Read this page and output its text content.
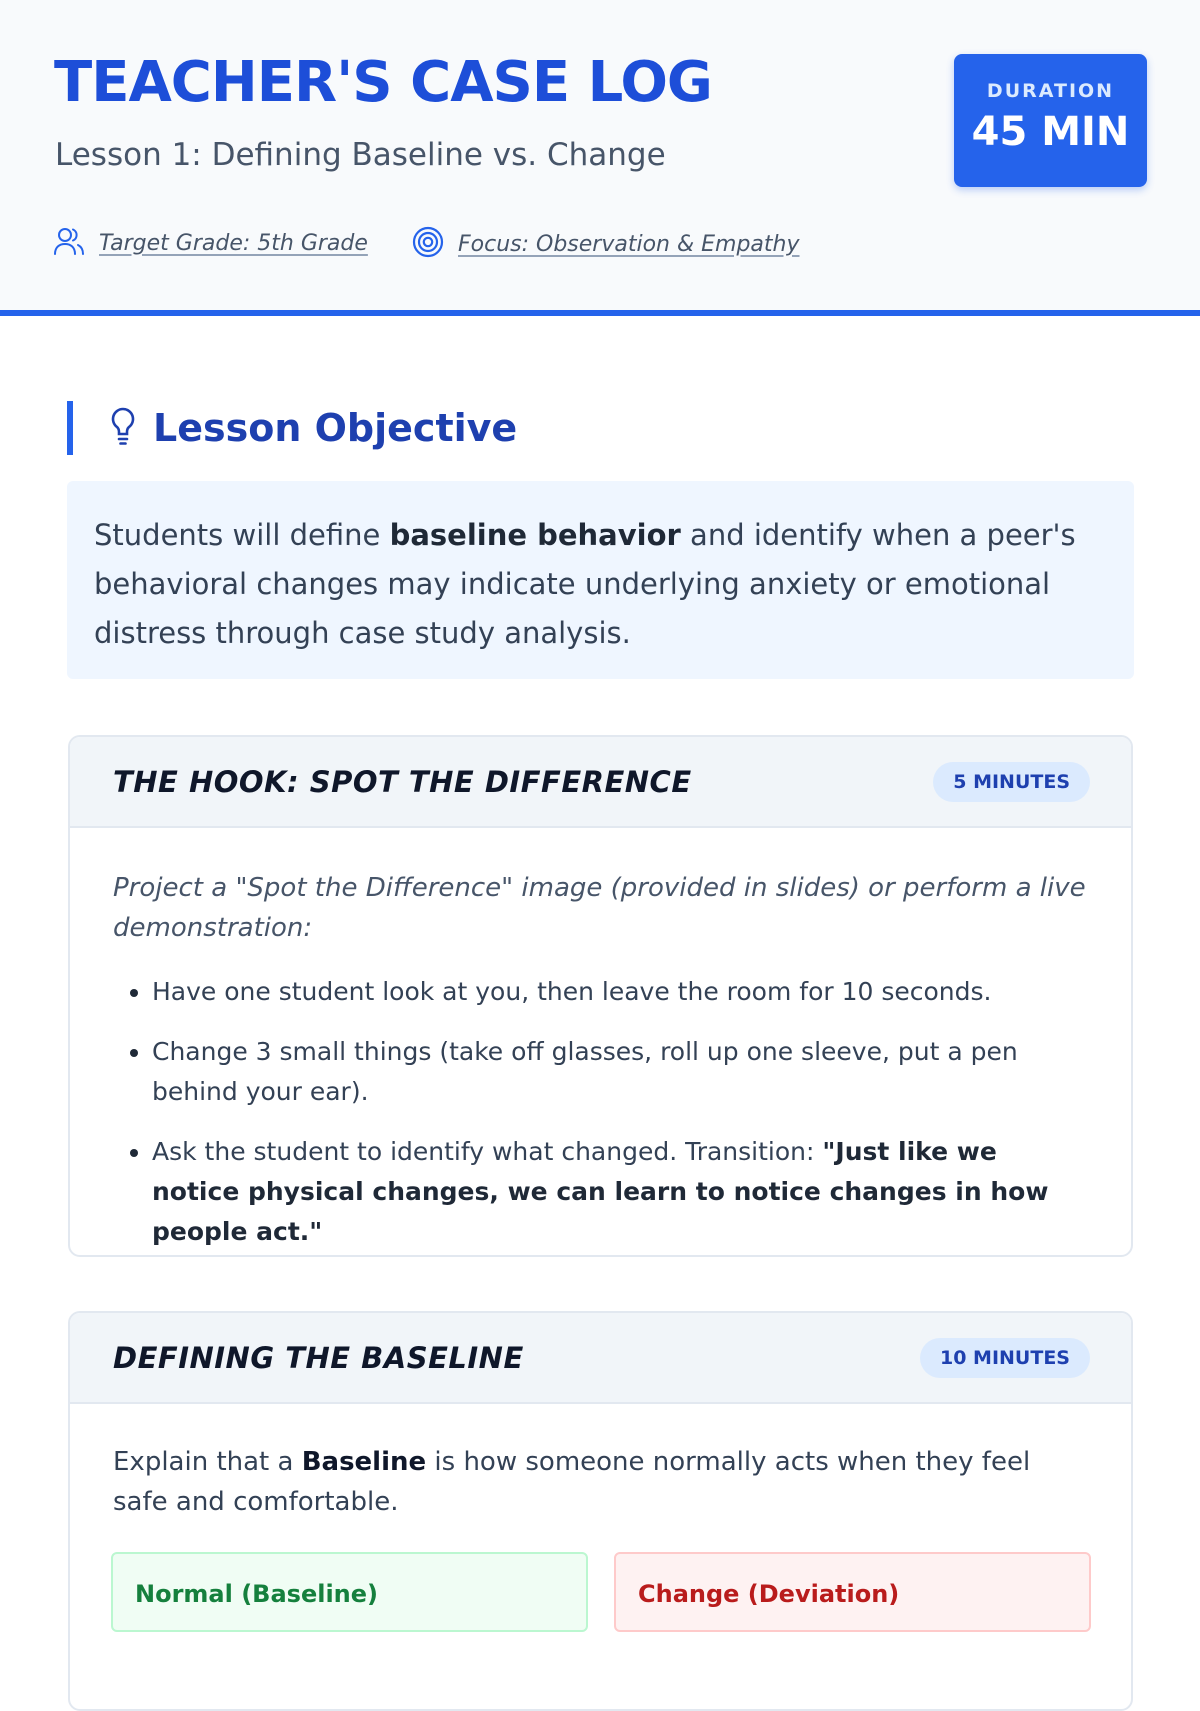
TEACHER'S CASE LOG
Lesson 1: Defining Baseline vs. Change
Target Grade: 5th Grade	Focus: Observation & Empathy
DURATION
45 MIN
Lesson Objective
Students will define baseline behavior and identify when a peer's behavioral changes may indicate underlying anxiety or emotional distress through case study analysis.
THE HOOK: SPOT THE DIFFERENCE	5 MINUTES

Project a "Spot the Difference" image (provided in slides) or perform a live demonstration:

• Have one student look at you, then leave the room for 10 seconds.
• Change 3 small things (take off glasses, roll up one sleeve, put a pen behind your ear).
• Ask the student to identify what changed. Transition: "Just like we notice physical changes, we can learn to notice changes in how people act."
DEFINING THE BASELINE	10 MINUTES

Explain that a Baseline is how someone normally acts when they feel safe and comfortable.

Normal (Baseline)	Change (Deviation)
